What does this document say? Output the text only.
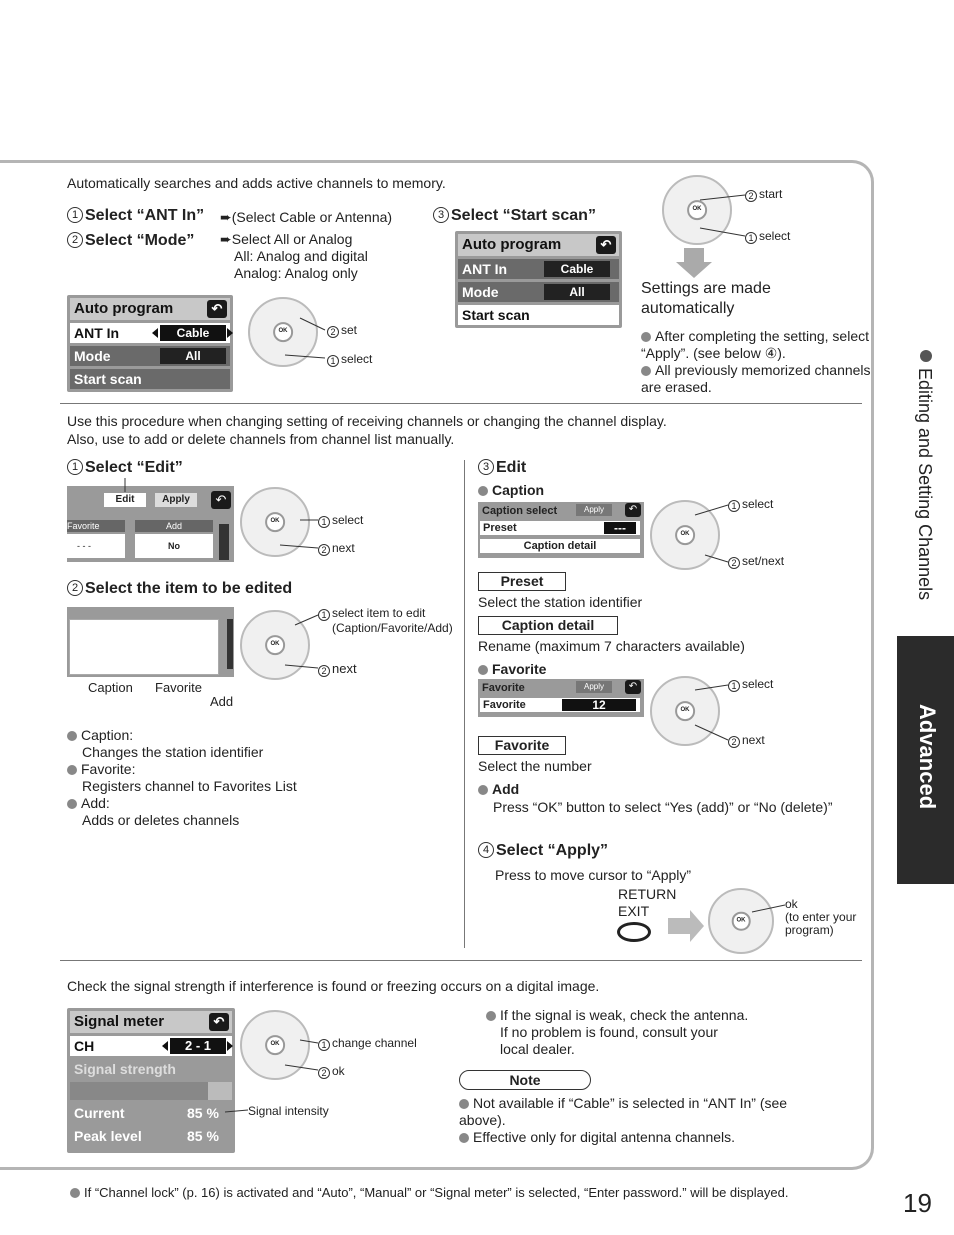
Advanced
Editing and Setting Channels
Automatically searches and adds active channels to memory.
1 Select “ANT In” ➨(Select Cable or Antenna)
2 Select “Mode” ➨Select All or Analog
All: Analog and digital
Analog: Analog only
Auto program	↶
ANT In	Cable
Mode	All
Start scan
OK	2 set
1 select
3 Select “Start scan”
Auto program	↶
ANT In	Cable
Mode	All
Start scan
OK
2 start
1 select
Settings are made automatically
After completing the setting, select “Apply”. (see below ④).
All previously memorized channels are erased.
Use this procedure when changing setting of receiving channels or changing the channel display.
Also, use to add or delete channels from channel list manually.
1 Select “Edit”
Edit	Apply	↶
Favorite	Add
- - -	No
OK	1 select
2 next
2 Select the item to be edited
Caption Favorite
Add
OK
1 select item to edit
(Caption/Favorite/Add)
2 next
Caption:
Changes the station identifier
Favorite:
Registers channel to Favorites List
Add:
Adds or deletes channels
3 Edit
Caption
Caption select	Apply	↶
Preset	---
Caption detail
OK
1 select
2 set/next
Preset
Select the station identifier
Caption detail
Rename (maximum 7 characters available)
Favorite
Favorite	Apply	↶
Favorite	12	OK
1 select
2 next
Favorite
Select the number
Add
Press “OK” button to select “Yes (add)” or “No (delete)”
4 Select “Apply”
Press to move cursor to “Apply”
RETURN
EXIT
OK
ok
(to enter your
program)
Check the signal strength if interference is found or freezing occurs on a digital image.
Signal meter	↶
CH	2 - 1
Signal strength
Current	85 %
Peak level	85 %
Signal intensity
OK	1 change channel
2 ok
If the signal is weak, check the antenna.
If no problem is found, consult your
local dealer.
Note
Not available if “Cable” is selected in “ANT In” (see above).
Effective only for digital antenna channels.
If “Channel lock” (p. 16) is activated and “Auto”, “Manual” or “Signal meter” is selected, “Enter password.” will be displayed.	19
